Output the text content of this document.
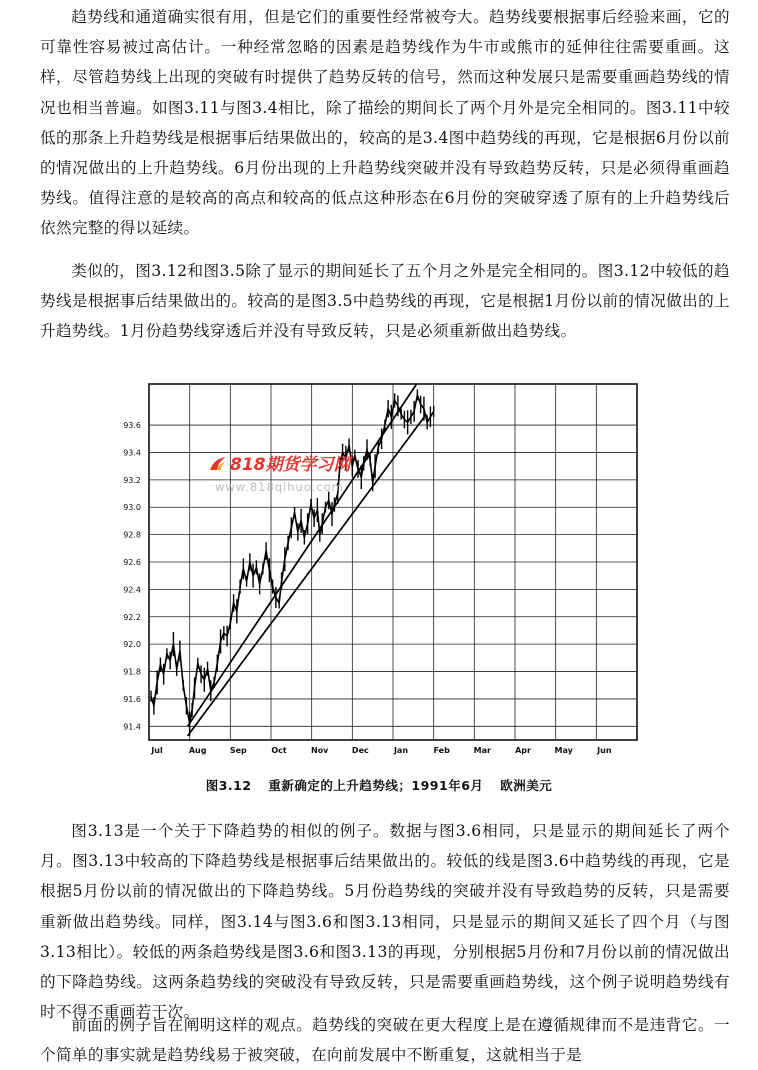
趋势线和通道确实很有用，但是它们的重要性经常被夸大。趋势线要根据事后经验来画，它的可靠性容易被过高估计。一种经常忽略的因素是趋势线作为牛市或熊市的延伸往往需要重画。这样，尽管趋势线上出现的突破有时提供了趋势反转的信号，然而这种发展只是需要重画趋势线的情况也相当普遍。如图3.11与图3.4相比，除了描绘的期间长了两个月外是完全相同的。图3.11中较低的那条上升趋势线是根据事后结果做出的，较高的是3.4图中趋势线的再现，它是根据6月份以前的情况做出的上升趋势线。6月份出现的上升趋势线突破并没有导致趋势反转，只是必须得重画趋势线。值得注意的是较高的高点和较高的低点这种形态在6月份的突破穿透了原有的上升趋势线后依然完整的得以延续。

类似的，图3.12和图3.5除了显示的期间延长了五个月之外是完全相同的。图3.12中较低的趋势线是根据事后结果做出的。较高的是图3.5中趋势线的再现，它是根据1月份以前的情况做出的上升趋势线。1月份趋势线穿透后并没有导致反转，只是必须重新做出趋势线。

91.4
91.6
91.8
92.0
92.2
92.4
92.6
92.8
93.0
93.2
93.4
93.6
Jul	Aug	Sep	Oct	Nov	Dec	Jan	Feb	Mar	Apr	May	Jun
818期货学习网
www.818qihuo.com
图3.12 重新确定的上升趋势线；1991年6月 欧洲美元

图3.13是一个关于下降趋势的相似的例子。数据与图3.6相同，只是显示的期间延长了两个月。图3.13中较高的下降趋势线是根据事后结果做出的。较低的线是图3.6中趋势线的再现，它是根据5月份以前的情况做出的下降趋势线。5月份趋势线的突破并没有导致趋势的反转，只是需要重新做出趋势线。同样，图3.14与图3.6和图3.13相同，只是显示的期间又延长了四个月（与图3.13相比）。较低的两条趋势线是图3.6和图3.13的再现，分别根据5月份和7月份以前的情况做出的下降趋势线。这两条趋势线的突破没有导致反转，只是需要重画趋势线，这个例子说明趋势线有时不得不重画若干次。

前面的例子旨在阐明这样的观点。趋势线的突破在更大程度上是在遵循规律而不是违背它。一个简单的事实就是趋势线易于被突破，在向前发展中不断重复，这就相当于是
